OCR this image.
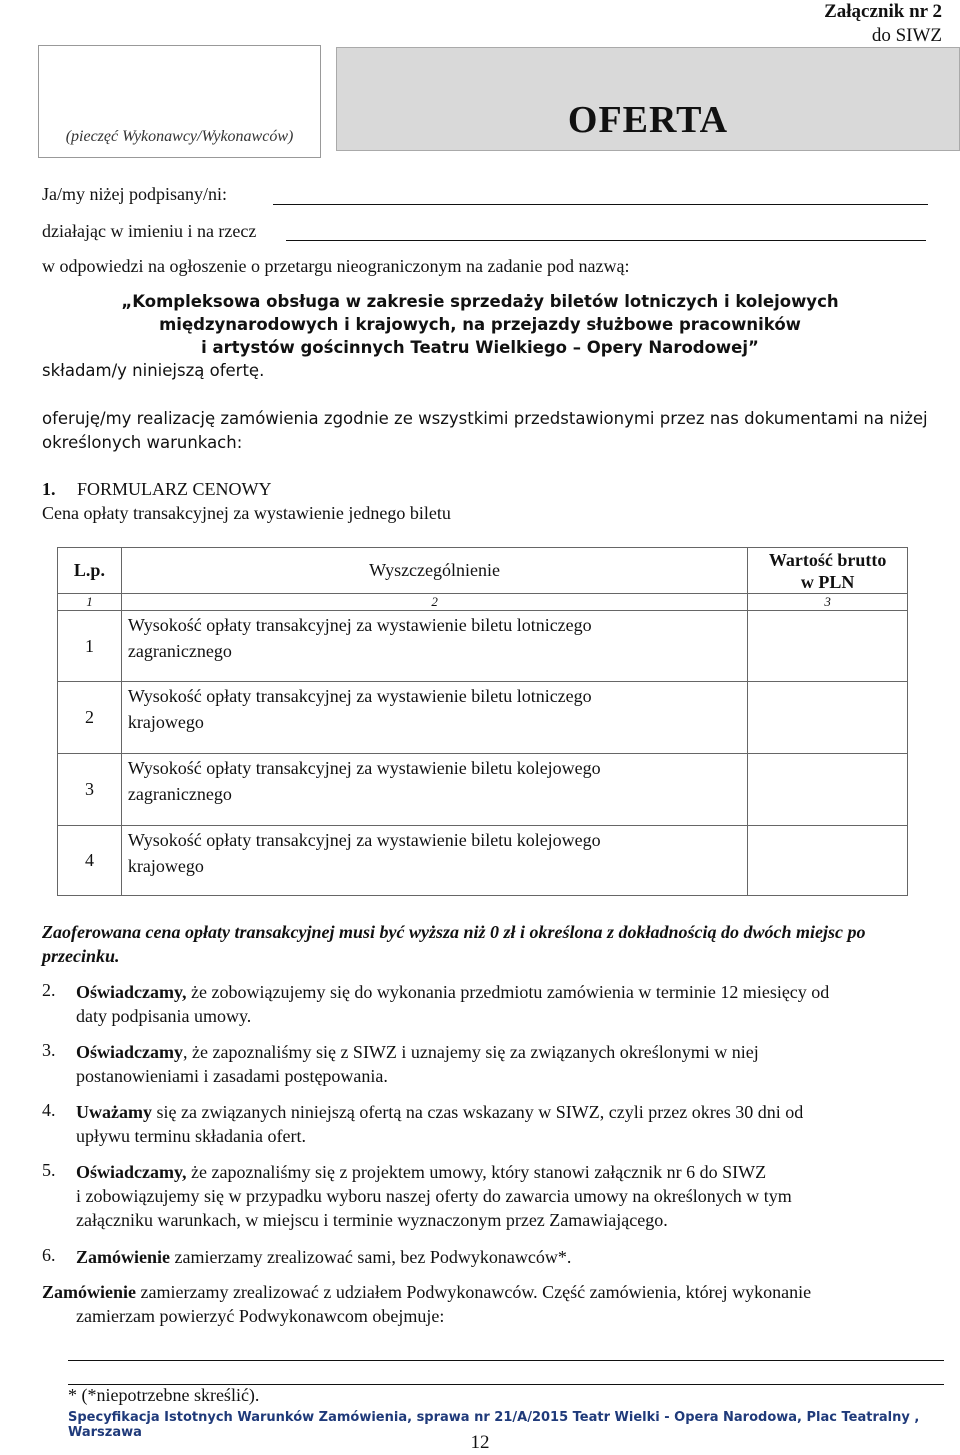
Załącznik nr 2
do SIWZ
(pieczęć Wykonawcy/Wykonawców)	OFERTA
Ja/my niżej podpisany/ni:
działając w imieniu i na rzecz
w odpowiedzi na ogłoszenie o przetargu nieograniczonym na zadanie pod nazwą:
„Kompleksowa obsługa w zakresie sprzedaży biletów lotniczych i kolejowych
międzynarodowych i krajowych, na przejazdy służbowe pracowników
i artystów gościnnych Teatru Wielkiego – Opery Narodowej”
składam/y niniejszą ofertę.
oferuję/my realizację zamówienia zgodnie ze wszystkimi przedstawionymi przez nas dokumentami na niżej
określonych warunkach:
1. FORMULARZ CENOWY
Cena opłaty transakcyjnej za wystawienie jednego biletu
L.p.	Wyszczególnienie	Wartość brutto
w PLN

1	2	3
1	Wysokość opłaty transakcyjnej za wystawienie biletu lotniczego
zagranicznego	

2	Wysokość opłaty transakcyjnej za wystawienie biletu lotniczego
krajowego	

3	Wysokość opłaty transakcyjnej za wystawienie biletu kolejowego
zagranicznego	

4	Wysokość opłaty transakcyjnej za wystawienie biletu kolejowego
krajowego	

Zaoferowana cena opłaty transakcyjnej musi być wyższa niż 0 zł i określona z dokładnością do dwóch miejsc po
przecinku.
2. Oświadczamy, że zobowiązujemy się do wykonania przedmiotu zamówienia w terminie 12 miesięcy od
daty podpisania umowy.
3. Oświadczamy, że zapoznaliśmy się z SIWZ i uznajemy się za związanych określonymi w niej
postanowieniami i zasadami postępowania.
4. Uważamy się za związanych niniejszą ofertą na czas wskazany w SIWZ, czyli przez okres 30 dni od
upływu terminu składania ofert.
5. Oświadczamy, że zapoznaliśmy się z projektem umowy, który stanowi załącznik nr 6 do SIWZ
i zobowiązujemy się w przypadku wyboru naszej oferty do zawarcia umowy na określonych w tym
załączniku warunkach, w miejscu i terminie wyznaczonym przez Zamawiającego.
6. Zamówienie zamierzamy zrealizować sami, bez Podwykonawców*.
Zamówienie zamierzamy zrealizować z udziałem Podwykonawców. Część zamówienia, której wykonanie
zamierzam powierzyć Podwykonawcom obejmuje:
* (*niepotrzebne skreślić).
Specyfikacja Istotnych Warunków Zamówienia, sprawa nr 21/A/2015 Teatr Wielki - Opera Narodowa, Plac Teatralny , Warszawa	12
